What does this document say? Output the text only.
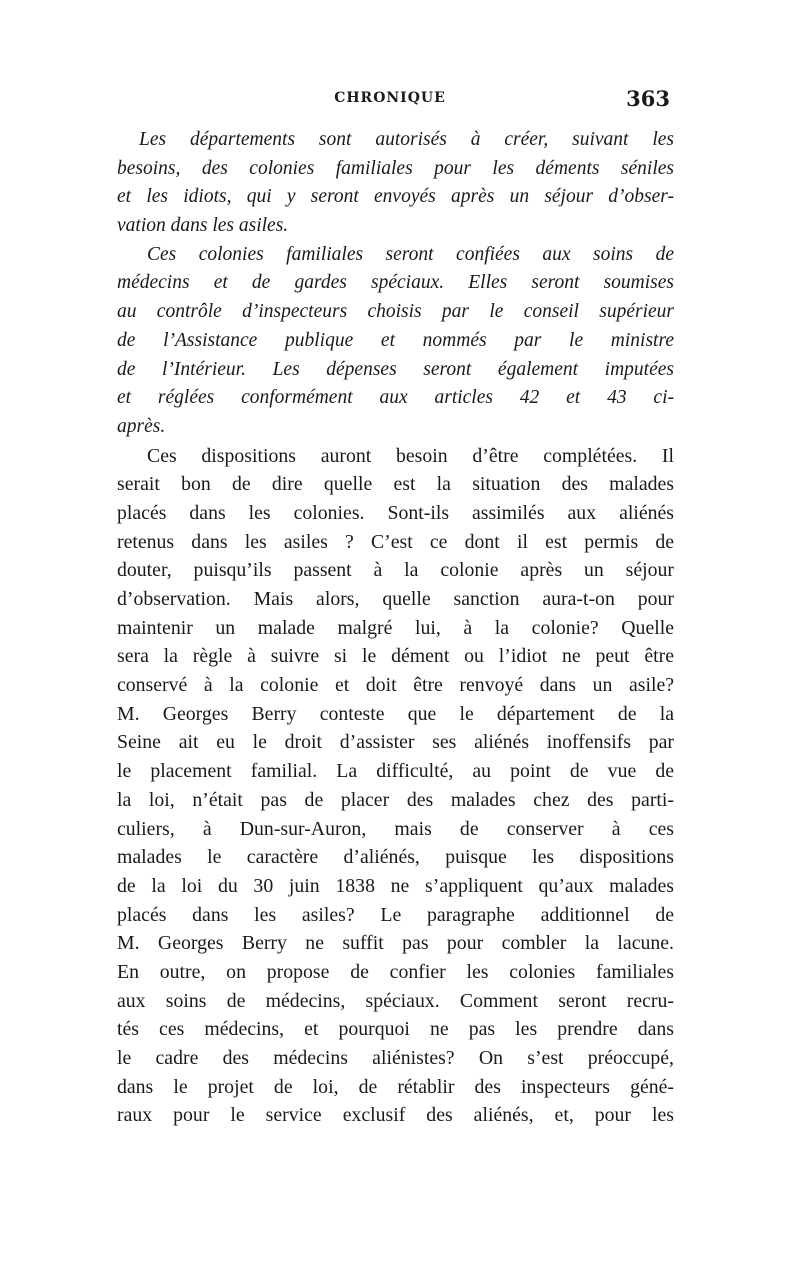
CHRONIQUE	363
Les départements sont autorisés à créer, suivant les
besoins, des colonies familiales pour les déments séniles
et les idiots, qui y seront envoyés après un séjour d’obser-
vation dans les asiles.
Ces colonies familiales seront confiées aux soins de
médecins et de gardes spéciaux. Elles seront soumises
au contrôle d’inspecteurs choisis par le conseil supérieur
de l’Assistance publique et nommés par le ministre
de l’Intérieur. Les dépenses seront également imputées
et réglées conformément aux articles 42 et 43 ci-
après.
Ces dispositions auront besoin d’être complétées. Il
serait bon de dire quelle est la situation des malades
placés dans les colonies. Sont-ils assimilés aux aliénés
retenus dans les asiles ? C’est ce dont il est permis de
douter, puisqu’ils passent à la colonie après un séjour
d’observation. Mais alors, quelle sanction aura-t-on pour
maintenir un malade malgré lui, à la colonie? Quelle
sera la règle à suivre si le dément ou l’idiot ne peut être
conservé à la colonie et doit être renvoyé dans un asile?
M. Georges Berry conteste que le département de la
Seine ait eu le droit d’assister ses aliénés inoffensifs par
le placement familial. La difficulté, au point de vue de
la loi, n’était pas de placer des malades chez des parti-
culiers, à Dun-sur-Auron, mais de conserver à ces
malades le caractère d’aliénés, puisque les dispositions
de la loi du 30 juin 1838 ne s’appliquent qu’aux malades
placés dans les asiles? Le paragraphe additionnel de
M. Georges Berry ne suffit pas pour combler la lacune.
En outre, on propose de confier les colonies familiales
aux soins de médecins, spéciaux. Comment seront recru-
tés ces médecins, et pourquoi ne pas les prendre dans
le cadre des médecins aliénistes? On s’est préoccupé,
dans le projet de loi, de rétablir des inspecteurs géné-
raux pour le service exclusif des aliénés, et, pour les
